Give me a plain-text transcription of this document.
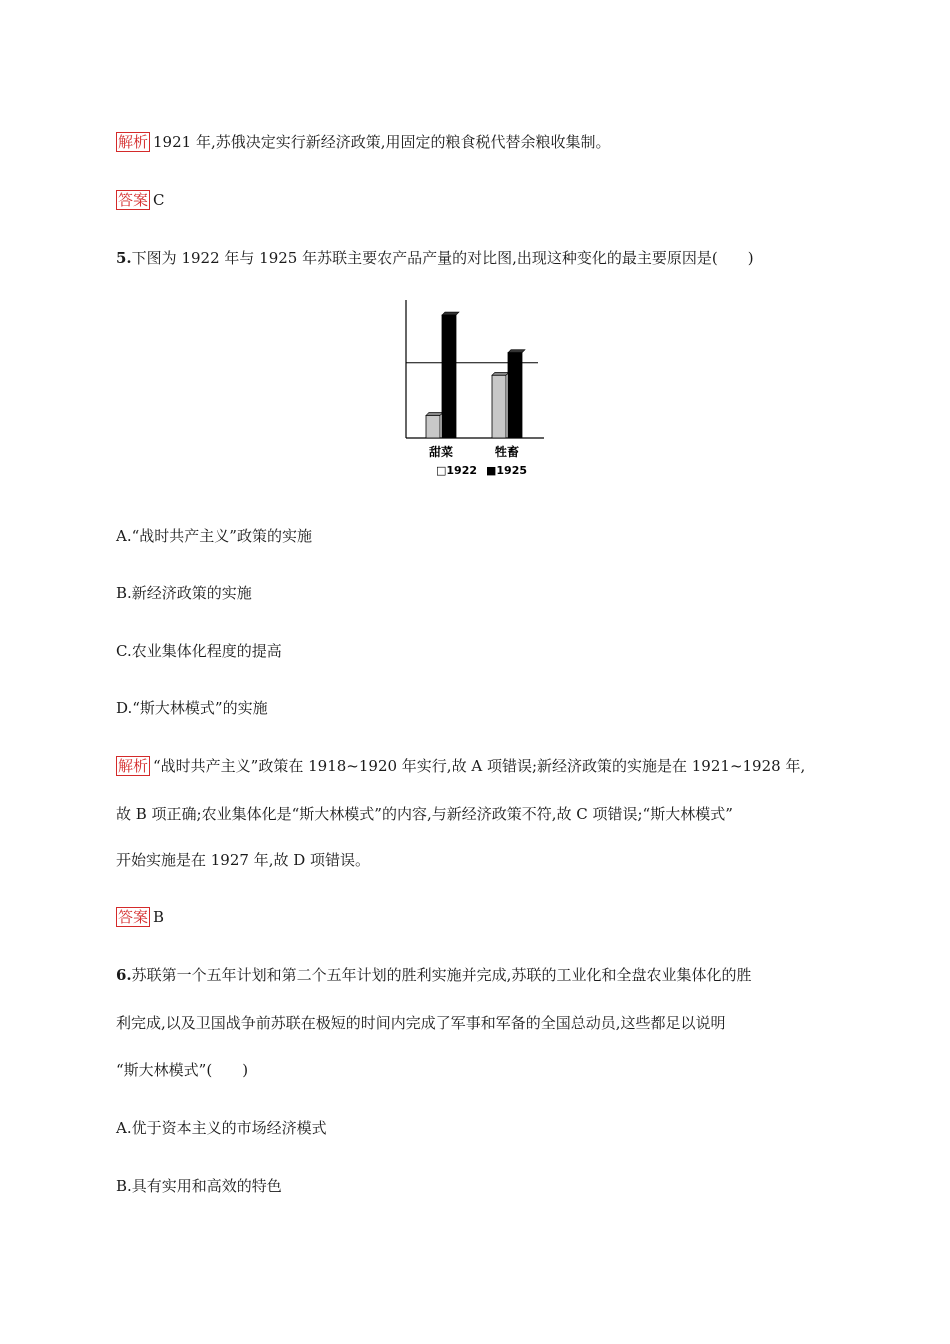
解析 1921 年,苏俄决定实行新经济政策,用固定的粮食税代替余粮收集制。
答案 C
5.下图为 1922 年与 1925 年苏联主要农产品产量的对比图,出现这种变化的最主要原因是(　　)
甜菜	牲畜
□1922 ■1925
A.“战时共产主义”政策的实施
B.新经济政策的实施
C.农业集体化程度的提高
D.“斯大林模式”的实施
解析 “战时共产主义”政策在 1918~1920 年实行,故 A 项错误;新经济政策的实施是在 1921~1928 年,
故 B 项正确;农业集体化是“斯大林模式”的内容,与新经济政策不符,故 C 项错误;“斯大林模式”
开始实施是在 1927 年,故 D 项错误。
答案 B
6.苏联第一个五年计划和第二个五年计划的胜利实施并完成,苏联的工业化和全盘农业集体化的胜
利完成,以及卫国战争前苏联在极短的时间内完成了军事和军备的全国总动员,这些都足以说明
“斯大林模式”(　　)
A.优于资本主义的市场经济模式
B.具有实用和高效的特色
